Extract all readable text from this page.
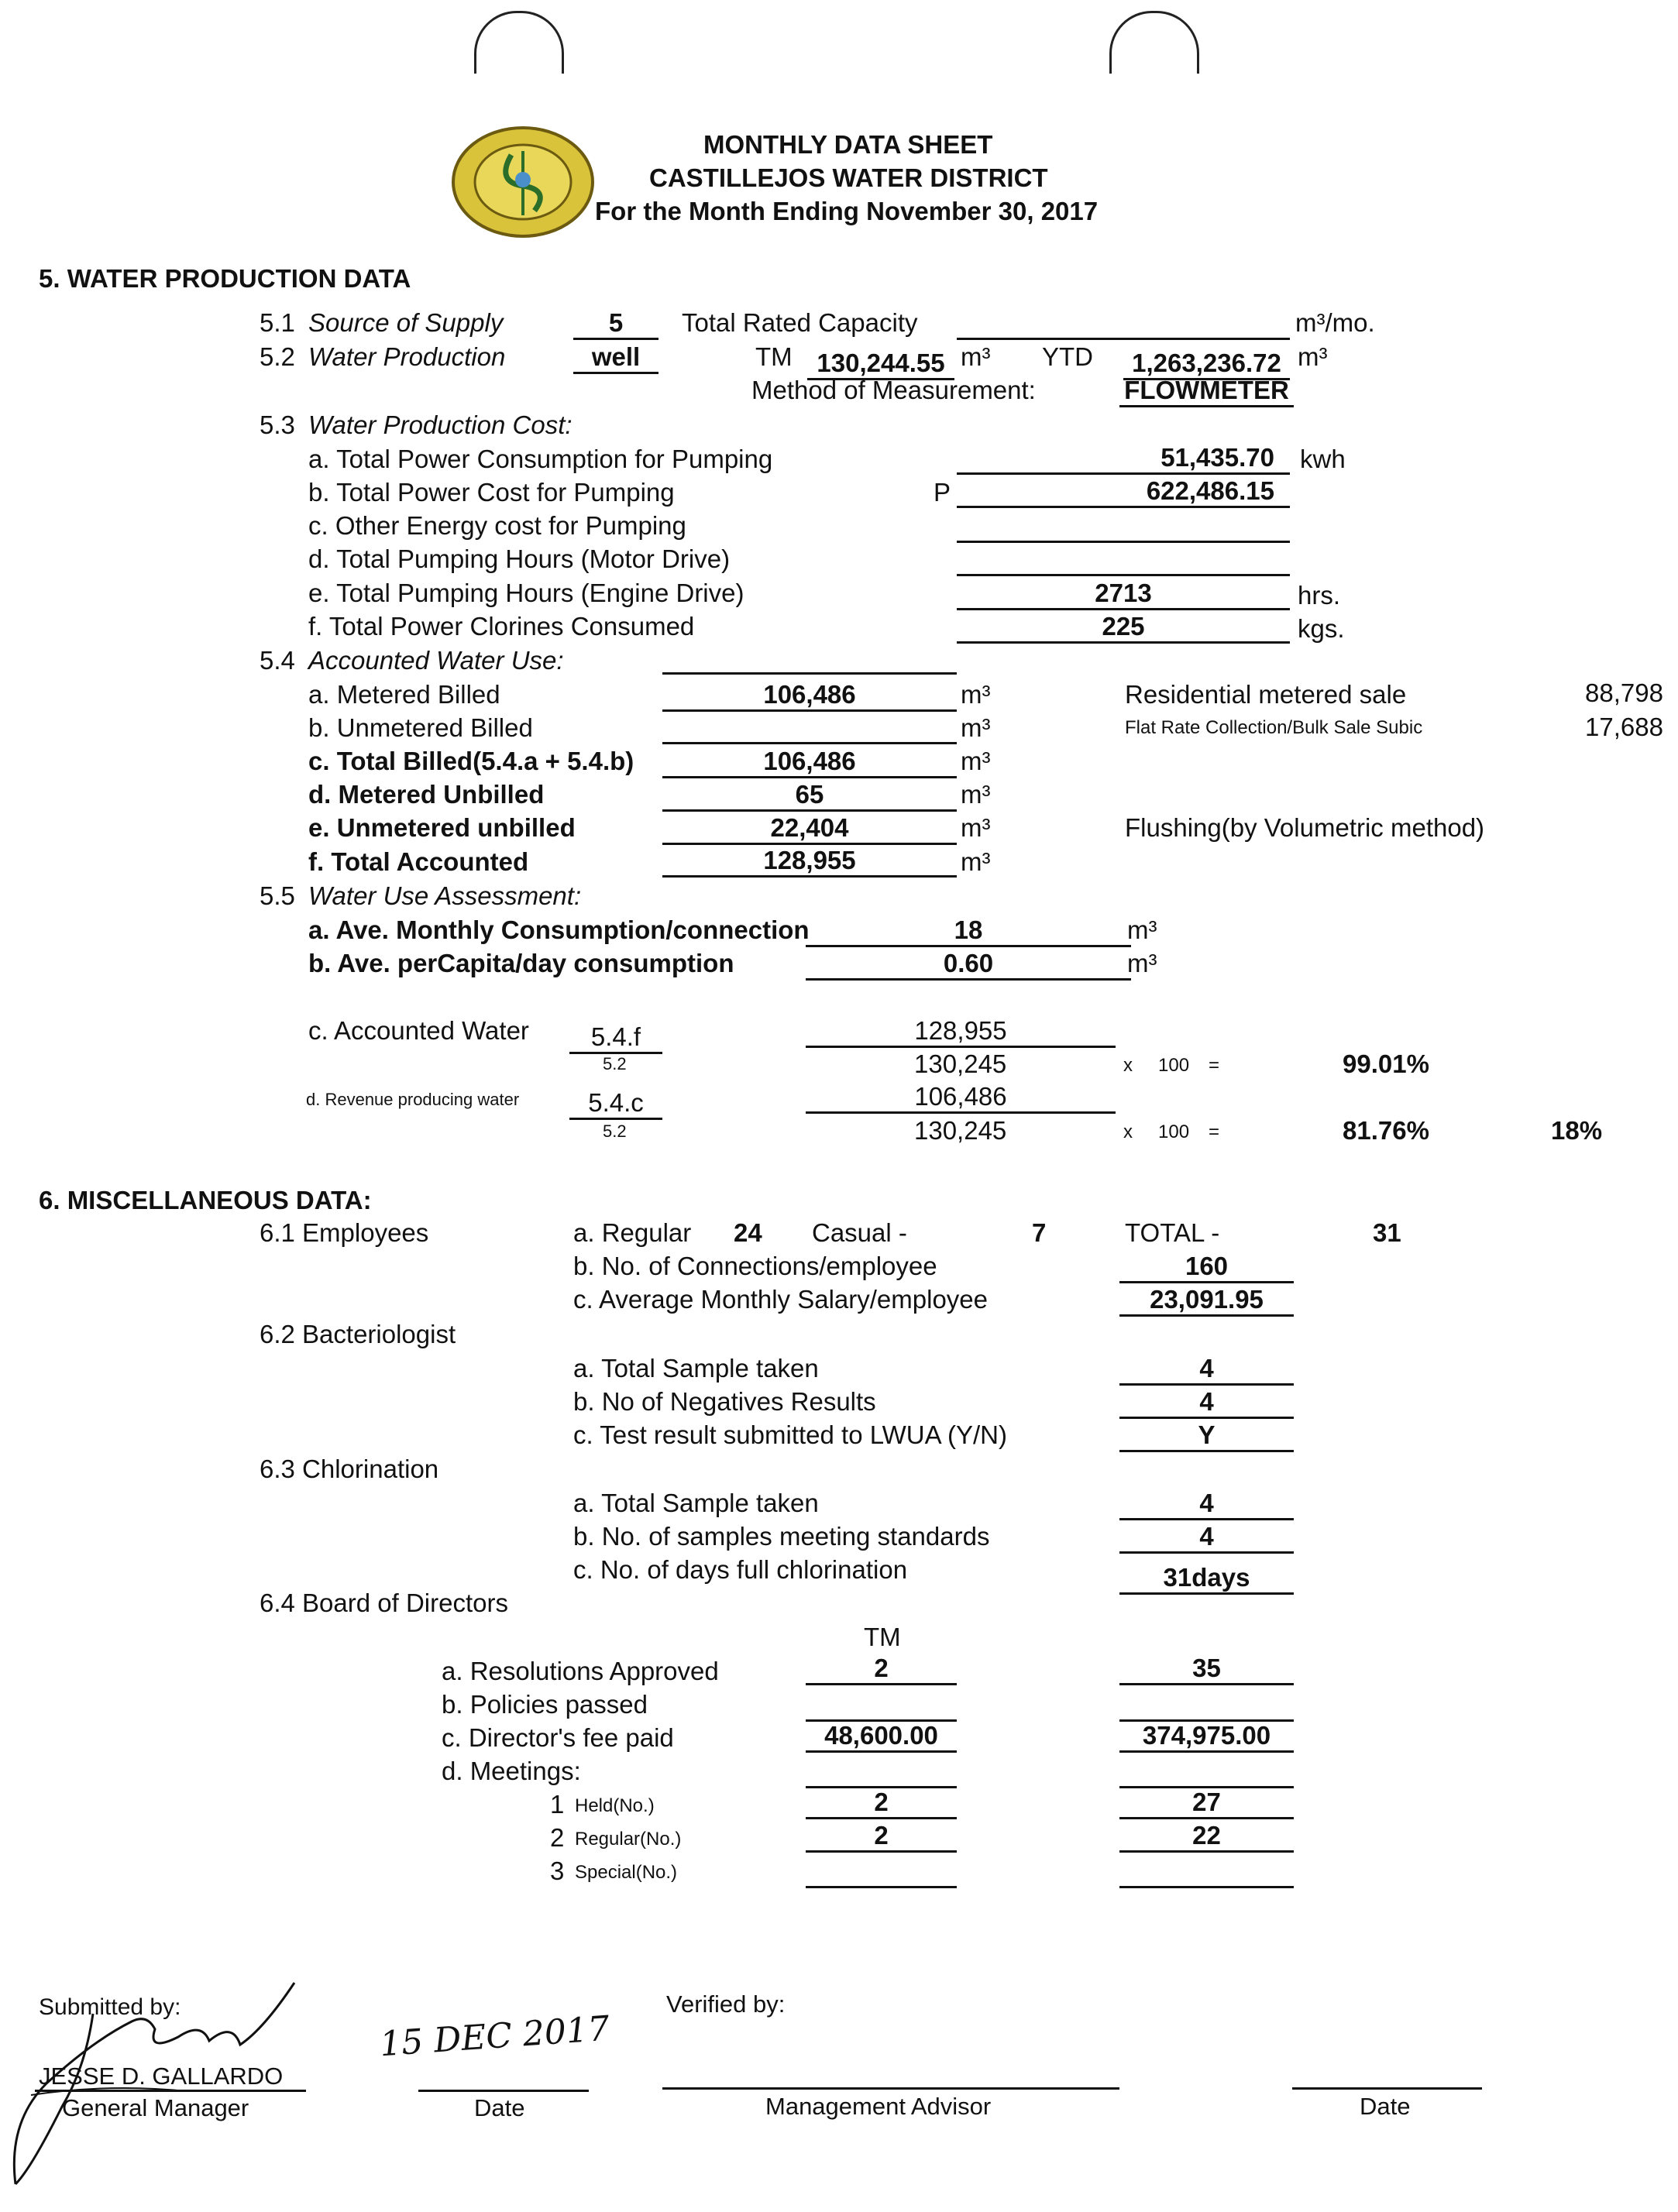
MONTHLY DATA SHEET
CASTILLEJOS WATER DISTRICT
For the Month Ending November 30, 2017
5. WATER PRODUCTION DATA
5.1 Source of Supply	5	Total Rated Capacity	m³/mo.
5.2 Water Production	well	TM 130,244.55 m³ YTD	1,263,236.72 m³
Method of Measurement:	FLOWMETER
5.3 Water Production Cost:
a. Total Power Consumption for Pumping	51,435.70	kwh
b. Total Power Cost for Pumping	P	622,486.15
c. Other Energy cost for Pumping
d. Total Pumping Hours (Motor Drive)
e. Total Pumping Hours (Engine Drive)	2713	hrs.
f. Total Power Clorines Consumed	225	kgs.
5.4 Accounted Water Use:
a. Metered Billed	106,486	m³
b. Unmetered Billed	m³
c. Total Billed(5.4.a + 5.4.b)	106,486	m³
d. Metered Unbilled	65	m³
e. Unmetered unbilled	22,404	m³
f. Total Accounted	128,955	m³
Residential metered sale	88,798
Flat Rate Collection/Bulk Sale Subic	17,688
Flushing(by Volumetric method)
5.5 Water Use Assessment:
a. Ave. Monthly Consumption/connection	18	m³
b. Ave. perCapita/day consumption	0.60	m³
c. Accounted Water	5.4.f
5.2
128,955
130,245	x 100 =	99.01%
d. Revenue producing water	5.4.c
5.2
106,486
130,245	x 100 =	81.76%	18%
6. MISCELLANEOUS DATA:
6.1 Employees	a. Regular 24 Casual -	7	TOTAL -	31
b. No. of Connections/employee	160
c. Average Monthly Salary/employee	23,091.95
6.2 Bacteriologist
a. Total Sample taken	4
b. No of Negatives Results	4
c. Test result submitted to LWUA (Y/N)	Y
6.3 Chlorination
a. Total Sample taken	4
b. No. of samples meeting standards	4
c. No. of days full chlorination	31days
6.4 Board of Directors
TM
a. Resolutions Approved	2	35
b. Policies passed
c. Director's fee paid	48,600.00	374,975.00
d. Meetings:
1 Held(No.)	2	27
2 Regular(No.)	2	22
3 Special(No.)
Submitted by:
JESSE D. GALLARDO
General Manager
15 DEC 2017
Date
Verified by:
Management Advisor	Date
